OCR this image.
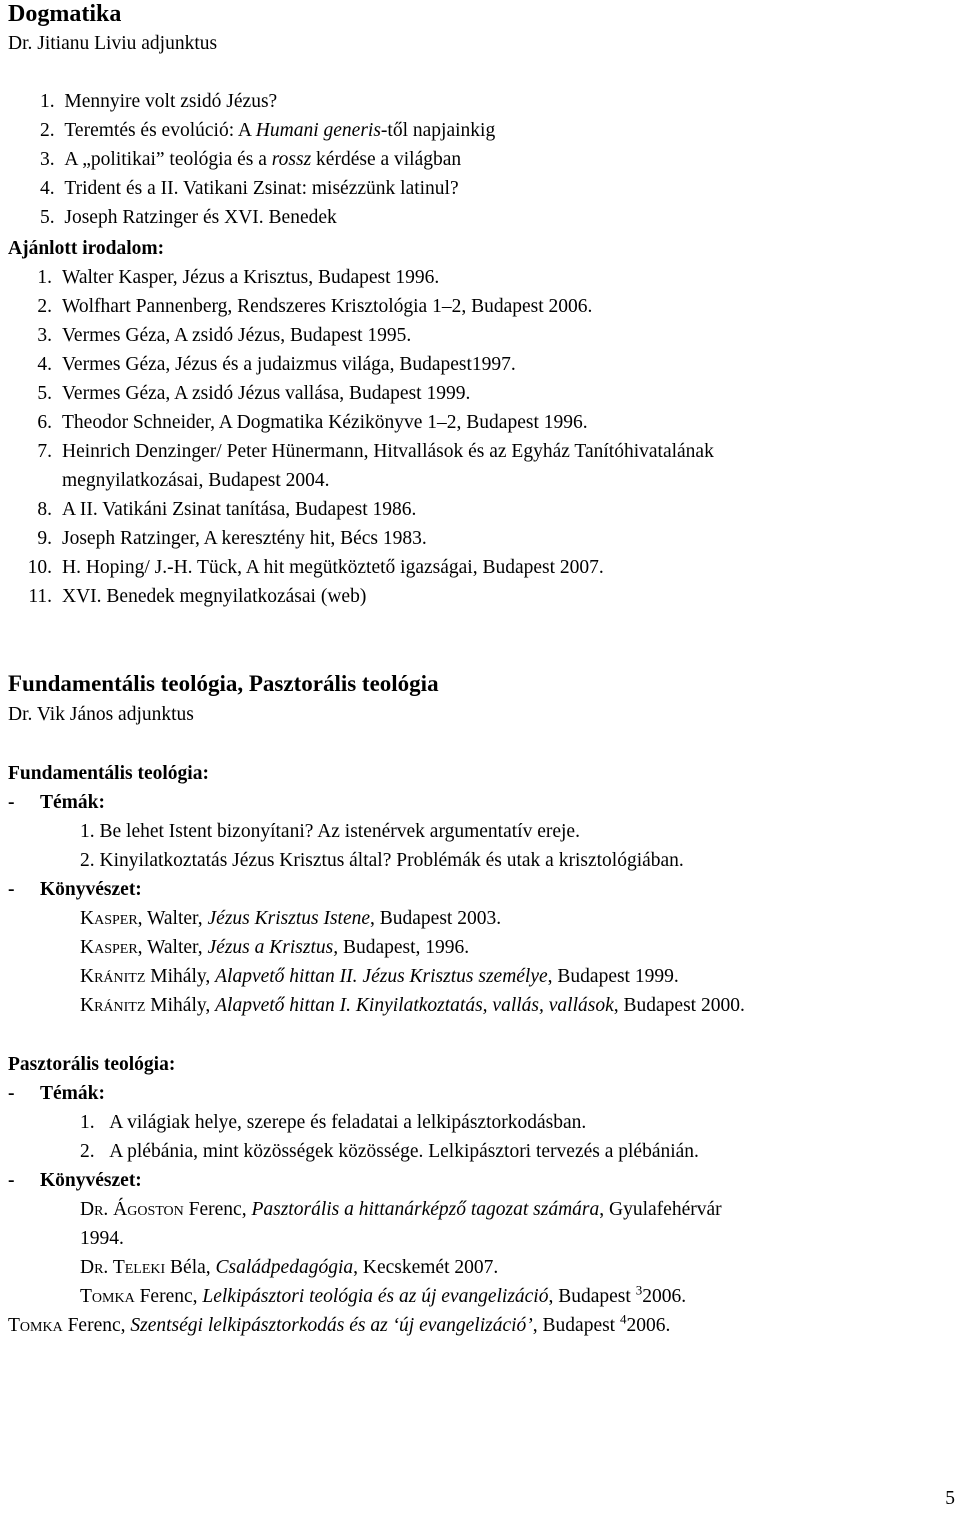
Dogmatika
Dr. Jitianu Liviu adjunktus
1. Mennyire volt zsidó Jézus?
2. Teremtés és evolúció: A Humani generis-től napjainkig
3. A „politikai” teológia és a rossz kérdése a világban
4. Trident és a II. Vatikani Zsinat: misézzünk latinul?
5. Joseph Ratzinger és XVI. Benedek
Ajánlott irodalom:
1. Walter Kasper, Jézus a Krisztus, Budapest 1996.
2. Wolfhart Pannenberg, Rendszeres Krisztológia 1–2, Budapest 2006.
3. Vermes Géza, A zsidó Jézus, Budapest 1995.
4. Vermes Géza, Jézus és a judaizmus világa, Budapest1997.
5. Vermes Géza, A zsidó Jézus vallása, Budapest 1999.
6. Theodor Schneider, A Dogmatika Kézikönyve 1–2, Budapest 1996.
7. Heinrich Denzinger/ Peter Hünermann, Hitvallások és az Egyház Tanítóhivatalának
megnyilatkozásai, Budapest 2004.
8. A II. Vatikáni Zsinat tanítása, Budapest 1986.
9. Joseph Ratzinger, A keresztény hit, Bécs 1983.
10. H. Hoping/ J.-H. Tück, A hit megütköztető igazságai, Budapest 2007.
11. XVI. Benedek megnyilatkozásai (web)
Fundamentális teológia, Pasztorális teológia
Dr. Vik János adjunktus
Fundamentális teológia:
- Témák:
1. Be lehet Istent bizonyítani? Az istenérvek argumentatív ereje.
2. Kinyilatkoztatás Jézus Krisztus által? Problémák és utak a krisztológiában.
- Könyvészet:
Kasper, Walter, Jézus Krisztus Istene, Budapest 2003.
Kasper, Walter, Jézus a Krisztus, Budapest, 1996.
Kránitz Mihály, Alapvető hittan II. Jézus Krisztus személye, Budapest 1999.
Kránitz Mihály, Alapvető hittan I. Kinyilatkoztatás, vallás, vallások, Budapest 2000.
Pasztorális teológia:
- Témák:
1. A világiak helye, szerepe és feladatai a lelkipásztorkodásban.
2. A plébánia, mint közösségek közössége. Lelkipásztori tervezés a plébánián.
- Könyvészet:
Dr. Ágoston Ferenc, Pasztorális a hittanárképző tagozat számára, Gyulafehérvár
1994.
Dr. Teleki Béla, Családpedagógia, Kecskemét 2007.
Tomka Ferenc, Lelkipásztori teológia és az új evangelizáció, Budapest $^3$2006.
Tomka Ferenc, Szentségi lelkipásztorkodás és az ‘új evangelizáció’, Budapest $^4$2006.
5
